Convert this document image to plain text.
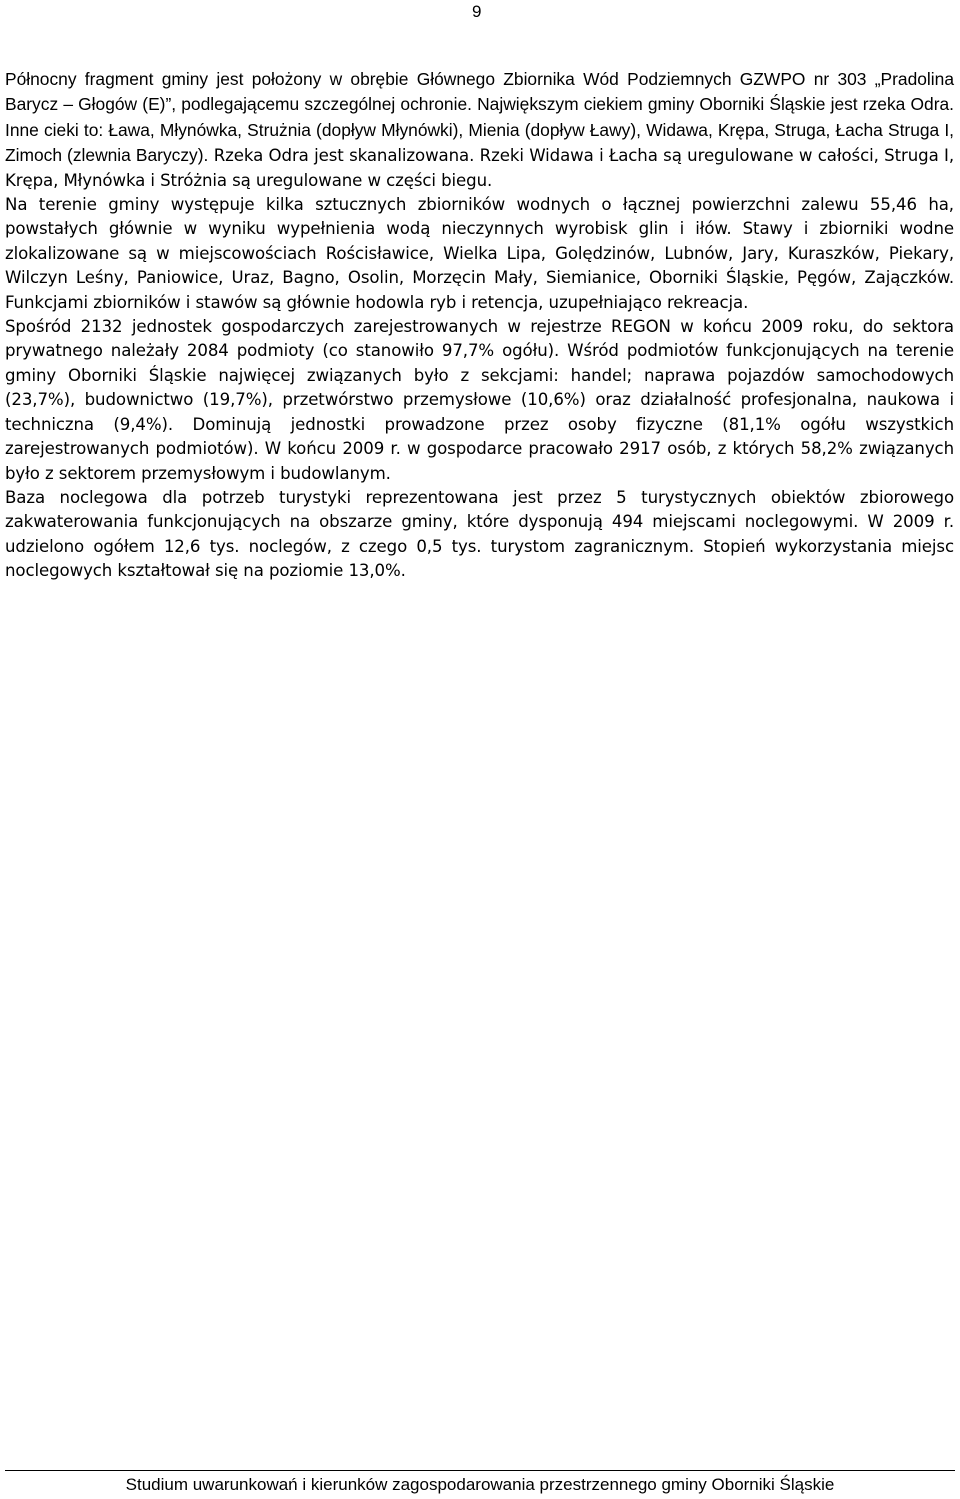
9

Północny fragment gminy jest położony w obrębie Głównego Zbiornika Wód Podziemnych GZWPO nr 303 „Pradolina Barycz – Głogów (E)”, podlegającemu szczególnej ochronie. Największym ciekiem gminy Oborniki Śląskie jest rzeka Odra. Inne cieki to: Ława, Młynówka, Strużnia (dopływ Młynówki), Mienia (dopływ Ławy), Widawa, Krępa, Struga, Łacha Struga I, Zimoch (zlewnia Baryczy). Rzeka Odra jest skanalizowana. Rzeki Widawa i Łacha są uregulowane w całości, Struga I, Krępa, Młynówka i Stróżnia są uregulowane w części biegu.

Na terenie gminy występuje kilka sztucznych zbiorników wodnych o łącznej powierzchni zalewu 55,46 ha, powstałych głównie w wyniku wypełnienia wodą nieczynnych wyrobisk glin i iłów. Stawy i zbiorniki wodne zlokalizowane są w miejscowościach Rościsławice, Wielka Lipa, Golędzinów, Lubnów, Jary, Kuraszków, Piekary, Wilczyn Leśny, Paniowice, Uraz, Bagno, Osolin, Morzęcin Mały, Siemianice, Oborniki Śląskie, Pęgów, Zajączków. Funkcjami zbiorników i stawów są głównie hodowla ryb i retencja, uzupełniająco rekreacja.

Spośród 2132 jednostek gospodarczych zarejestrowanych w rejestrze REGON w końcu 2009 roku, do sektora prywatnego należały 2084 podmioty (co stanowiło 97,7% ogółu). Wśród podmiotów funkcjonujących na terenie gminy Oborniki Śląskie najwięcej związanych było z sekcjami: handel; naprawa pojazdów samochodowych (23,7%), budownictwo (19,7%), przetwórstwo przemysłowe (10,6%) oraz działalność profesjonalna, naukowa i techniczna (9,4%). Dominują jednostki prowadzone przez osoby fizyczne (81,1% ogółu wszystkich zarejestrowanych podmiotów). W końcu 2009 r. w gospodarce pracowało 2917 osób, z których 58,2% związanych było z sektorem przemysłowym i budowlanym.

Baza noclegowa dla potrzeb turystyki reprezentowana jest przez 5 turystycznych obiektów zbiorowego zakwaterowania funkcjonujących na obszarze gminy, które dysponują 494 miejscami noclegowymi. W 2009 r. udzielono ogółem 12,6 tys. noclegów, z czego 0,5 tys. turystom zagranicznym. Stopień wykorzystania miejsc noclegowych kształtował się na poziomie 13,0%.

Studium uwarunkowań i kierunków zagospodarowania przestrzennego gminy Oborniki Śląskie
